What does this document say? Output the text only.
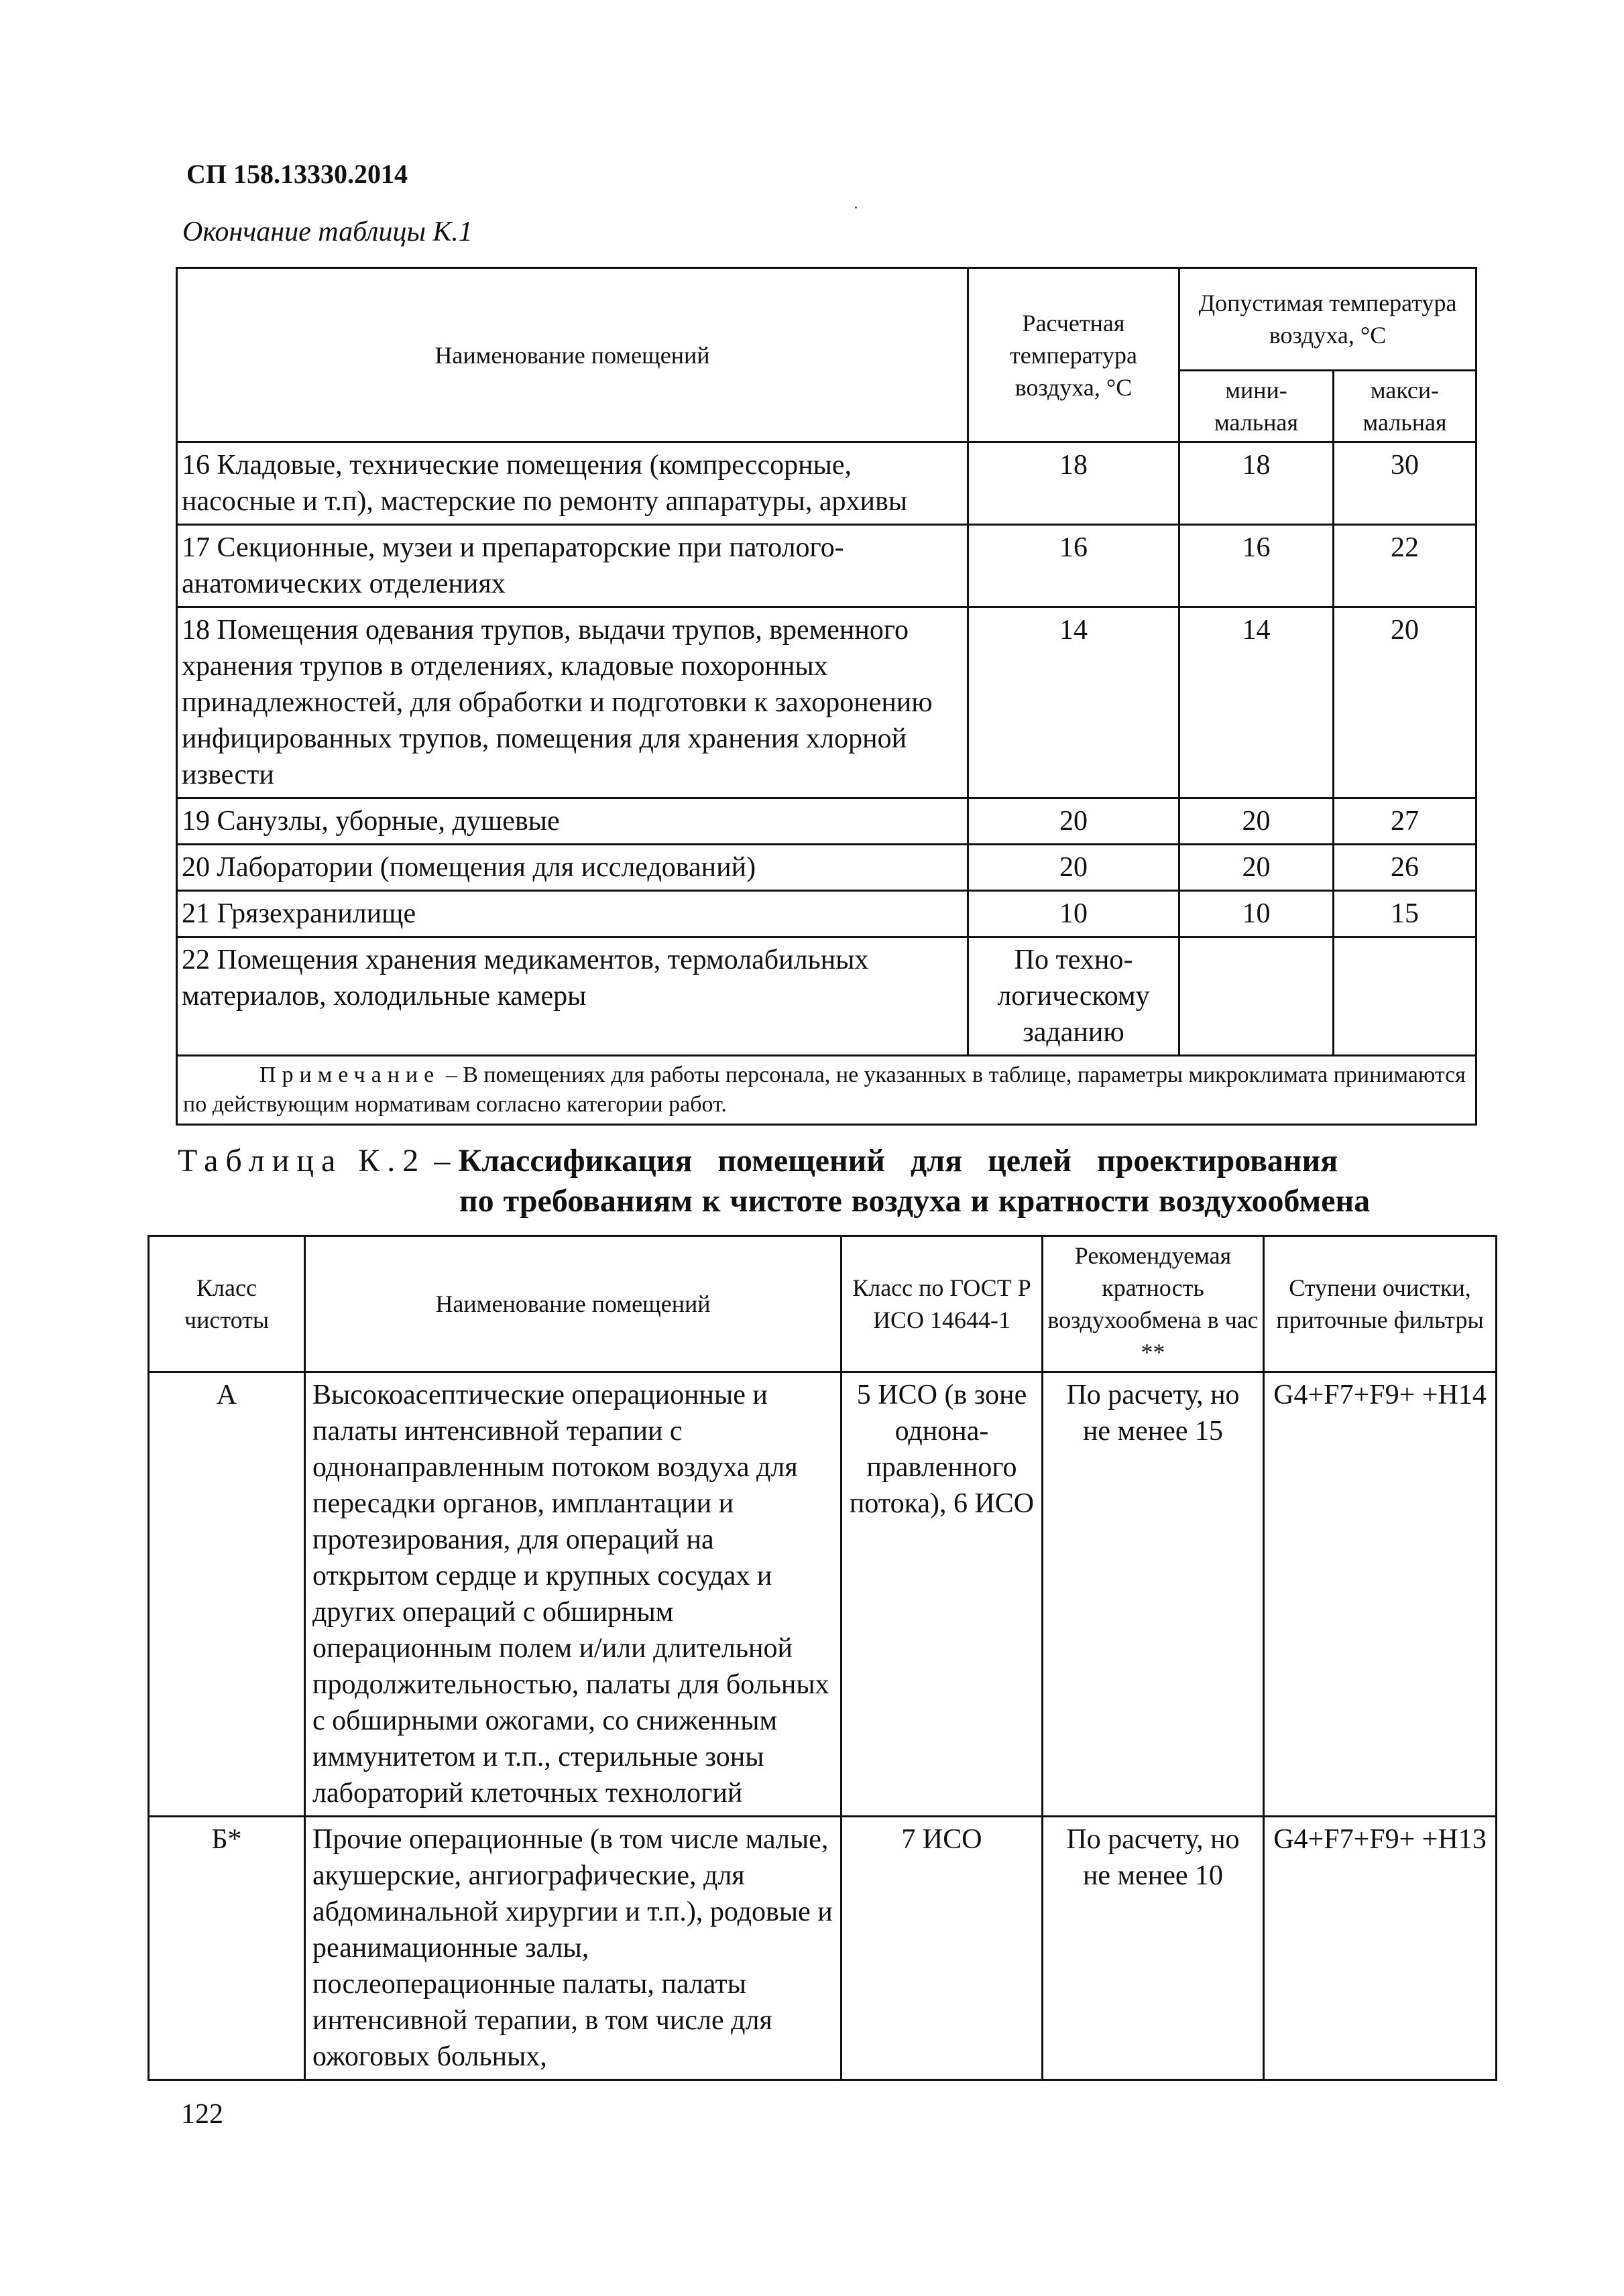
СП 158.13330.2014

Окончание таблицы К.1

Наименование помещений	Расчетная температура воздуха, °С	Допустимая температура воздуха, °С	
		мини- мальная	макси- мальная
16 Кладовые, технические помещения (компрессорные, насосные и т.п), мастерские по ремонту аппаратуры, архивы	18	18	30
17 Секционные, музеи и препараторские при патолого-анатомических отделениях	16	16	22
18 Помещения одевания трупов, выдачи трупов, временного хранения трупов в отделениях, кладовые похоронных принадлежностей, для обработки и подготовки к захоронению инфицированных трупов, помещения для хранения хлорной извести	14	14	20
19 Санузлы, уборные, душевые	20	20	27
20 Лаборатории (помещения для исследований)	20	20	26
21 Грязехранилище	10	10	15
22 Помещения хранения медикаментов, термолабильных материалов, холодильные камеры	По техно-логическому заданию		
Примечание – В помещениях для работы персонала, не указанных в таблице, параметры микроклимата принимаются по действующим нормативам согласно категории работ.			

Таблица К.2 – Классификация помещений для целей проектирования
по требованиям к чистоте воздуха и кратности воздухообмена

Класс чистоты	Наименование помещений	Класс по ГОСТ Р ИСО 14644-1	Рекомендуемая кратность воздухообмена в час **	Ступени очистки, приточные фильтры
А	Высокоасептические операционные и палаты интенсивной терапии с однонаправленным потоком воздуха для пересадки органов, имплантации и протезирования, для операций на открытом сердце и крупных сосудах и других операций с обширным операционным полем и/или длительной продолжительностью, палаты для больных с обширными ожогами, со сниженным иммунитетом и т.п., стерильные зоны лабораторий клеточных технологий	5 ИСО (в зоне однона-правленного потока), 6 ИСО	По расчету, но не менее 15	G4+F7+F9+ +H14
Б*	Прочие операционные (в том числе малые, акушерские, ангиографические, для абдоминальной хирургии и т.п.), родовые и реанимационные залы, послеоперационные палаты, палаты интенсивной терапии, в том числе для ожоговых больных,	7 ИСО	По расчету, но не менее 10	G4+F7+F9+ +H13

122
